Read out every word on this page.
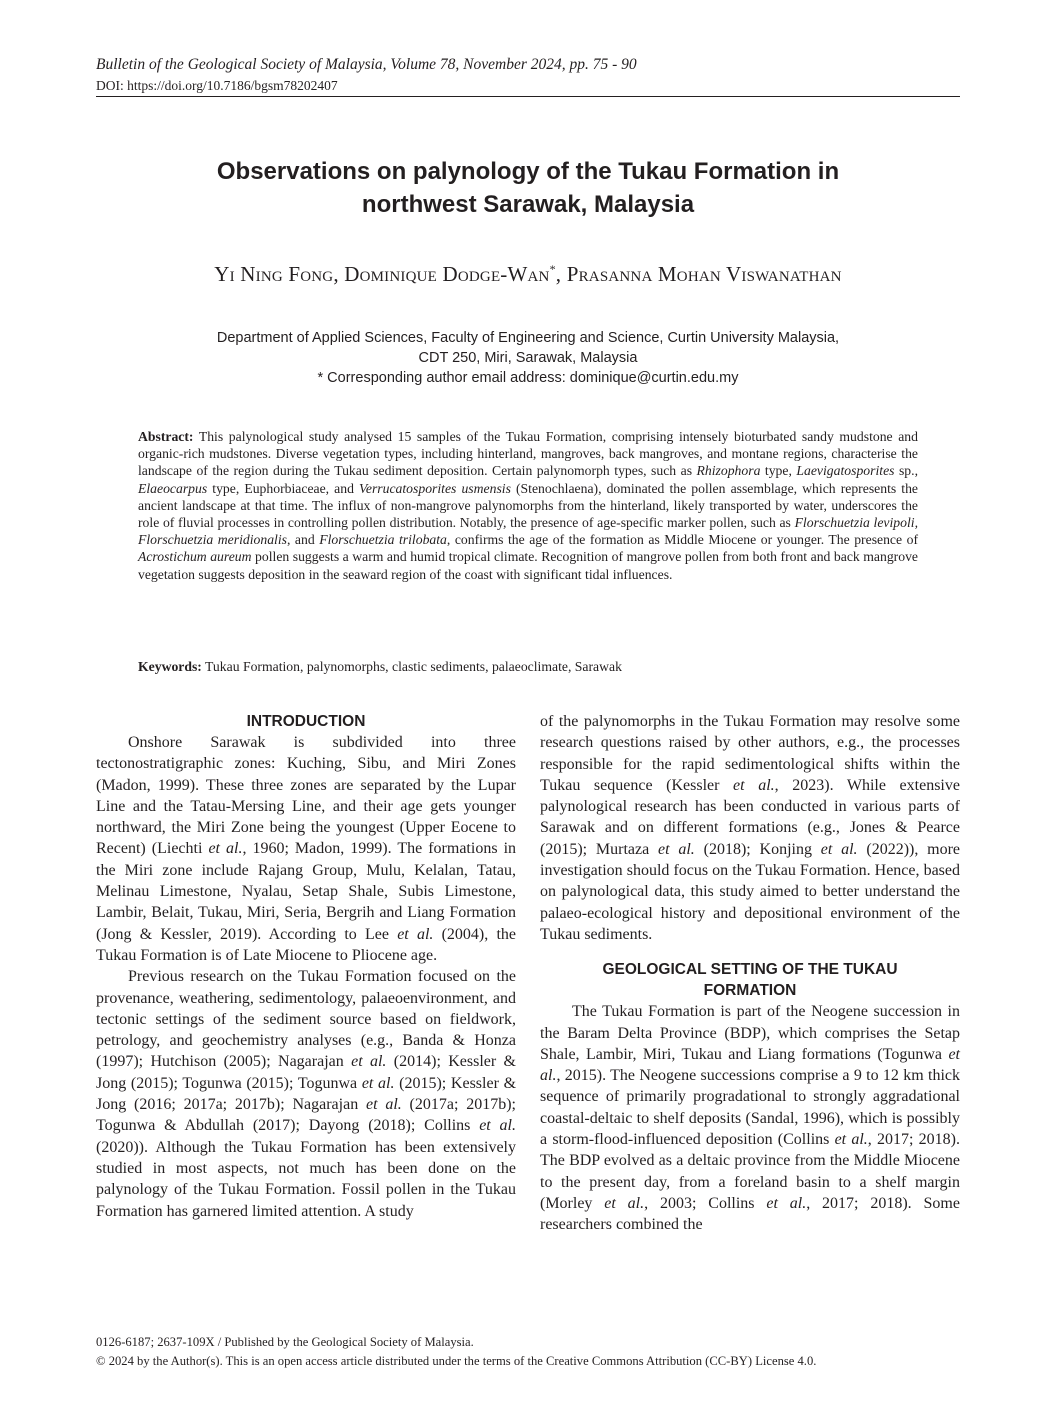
Bulletin of the Geological Society of Malaysia, Volume 78, November 2024, pp. 75 - 90
DOI: https://doi.org/10.7186/bgsm78202407
Observations on palynology of the Tukau Formation in
northwest Sarawak, Malaysia
Yi Ning Fong, Dominique Dodge-Wan*, Prasanna Mohan Viswanathan
Department of Applied Sciences, Faculty of Engineering and Science, Curtin University Malaysia,
CDT 250, Miri, Sarawak, Malaysia
* Corresponding author email address: dominique@curtin.edu.my
Abstract: This palynological study analysed 15 samples of the Tukau Formation, comprising intensely bioturbated sandy mudstone and organic-rich mudstones. Diverse vegetation types, including hinterland, mangroves, back mangroves, and montane regions, characterise the landscape of the region during the Tukau sediment deposition. Certain palynomorph types, such as Rhizophora type, Laevigatosporites sp., Elaeocarpus type, Euphorbiaceae, and Verrucatosporites usmensis (Stenochlaena), dominated the pollen assemblage, which represents the ancient landscape at that time. The influx of non-mangrove palynomorphs from the hinterland, likely transported by water, underscores the role of fluvial processes in controlling pollen distribution. Notably, the presence of age-specific marker pollen, such as Florschuetzia levipoli, Florschuetzia meridionalis, and Florschuetzia trilobata, confirms the age of the formation as Middle Miocene or younger. The presence of Acrostichum aureum pollen suggests a warm and humid tropical climate. Recognition of mangrove pollen from both front and back mangrove vegetation suggests deposition in the seaward region of the coast with significant tidal influences.
Keywords: Tukau Formation, palynomorphs, clastic sediments, palaeoclimate, Sarawak
INTRODUCTION

Onshore Sarawak is subdivided into three tectonostratigraphic zones: Kuching, Sibu, and Miri Zones (Madon, 1999). These three zones are separated by the Lupar Line and the Tatau-Mersing Line, and their age gets younger northward, the Miri Zone being the youngest (Upper Eocene to Recent) (Liechti et al., 1960; Madon, 1999). The formations in the Miri zone include Rajang Group, Mulu, Kelalan, Tatau, Melinau Limestone, Nyalau, Setap Shale, Subis Limestone, Lambir, Belait, Tukau, Miri, Seria, Bergrih and Liang Formation (Jong & Kessler, 2019). According to Lee et al. (2004), the Tukau Formation is of Late Miocene to Pliocene age.

Previous research on the Tukau Formation focused on the provenance, weathering, sedimentology, palaeoenvironment, and tectonic settings of the sediment source based on fieldwork, petrology, and geochemistry analyses (e.g., Banda & Honza (1997); Hutchison (2005); Nagarajan et al. (2014); Kessler & Jong (2015); Togunwa (2015); Togunwa et al. (2015); Kessler & Jong (2016; 2017a; 2017b); Nagarajan et al. (2017a; 2017b); Togunwa & Abdullah (2017); Dayong (2018); Collins et al. (2020)). Although the Tukau Formation has been extensively studied in most aspects, not much has been done on the palynology of the Tukau Formation. Fossil pollen in the Tukau Formation has garnered limited attention. A study

of the palynomorphs in the Tukau Formation may resolve some research questions raised by other authors, e.g., the processes responsible for the rapid sedimentological shifts within the Tukau sequence (Kessler et al., 2023). While extensive palynological research has been conducted in various parts of Sarawak and on different formations (e.g., Jones & Pearce (2015); Murtaza et al. (2018); Konjing et al. (2022)), more investigation should focus on the Tukau Formation. Hence, based on palynological data, this study aimed to better understand the palaeo-ecological history and depositional environment of the Tukau sediments.

GEOLOGICAL SETTING OF THE TUKAU
FORMATION

The Tukau Formation is part of the Neogene succession in the Baram Delta Province (BDP), which comprises the Setap Shale, Lambir, Miri, Tukau and Liang formations (Togunwa et al., 2015). The Neogene successions comprise a 9 to 12 km thick sequence of primarily progradational to strongly aggradational coastal-deltaic to shelf deposits (Sandal, 1996), which is possibly a storm-flood-influenced deposition (Collins et al., 2017; 2018). The BDP evolved as a deltaic province from the Middle Miocene to the present day, from a foreland basin to a shelf margin (Morley et al., 2003; Collins et al., 2017; 2018). Some researchers combined the

0126-6187; 2637-109X / Published by the Geological Society of Malaysia.
© 2024 by the Author(s). This is an open access article distributed under the terms of the Creative Commons Attribution (CC-BY) License 4.0.
